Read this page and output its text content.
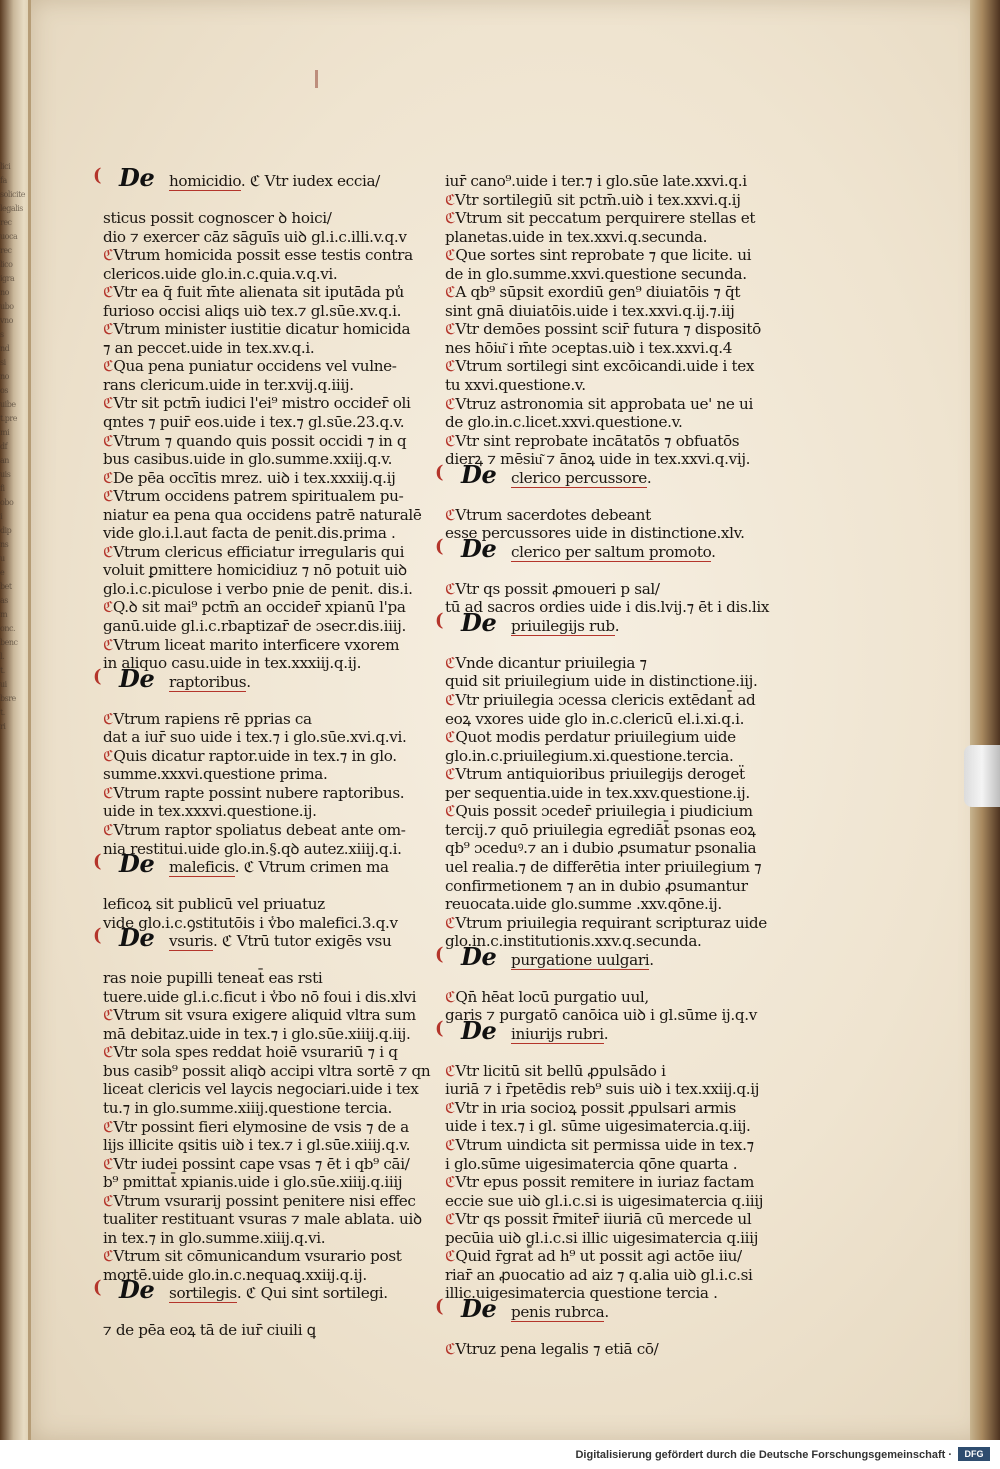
lici
fa
solicite
legalis
rec
uoca
rec
lico
igra
no
ubo
vno
s
nd
si
no
os
uibe
t.pre
mi
df
an
uis
fi
obo
i
dip
ns
u
e
bet
as
m
onc.
benc
l.
t.
ui
bsre
t.
ri
( De homicidio. ℭ Vtr iudex eccia/
sticus possit cognoscer ꝺ hoici/
dio ⁊ exercer cāz sāguīs uiꝺ gl.i.c.illi.v.q.v
ℭVtrum homicida possit esse testis contra
clericos.uide glo.in.c.quia.v.q.vi.
ℭVtr ea q̄ fuit m̄te alienata sit iputāda pu̾
furioso occisi aliqs uiꝺ tex.⁊ gl.sūe.xv.q.i.
ℭVtrum minister iustitie dicatur homicida
⁊ an peccet.uide in tex.xv.q.i.
ℭQua pena puniatur occidens vel vulne-
rans clericum.uide in ter.xvij.q.iiij.
ℭVtr sit pctm̄ iudici l'ei⁹ mistro occider̄ oli
qntes ⁊ puir̄ eos.uide i tex.⁊ gl.sūe.23.q.v.
ℭVtrum ⁊ quando quis possit occidi ⁊ in q
bus casibus.uide in glo.summe.xxiij.q.v.
ℭDe pēa occītis mrez. uiꝺ i tex.xxxiij.q.ij
ℭVtrum occidens patrem spiritualem pu-
niatur ea pena qua occidens patrē naturalē
vide glo.i.l.aut facta de penit.dis.prima .
ℭVtrum clericus efficiatur irregularis qui
voluit ꝑmittere homicidiuz ⁊ nō potuit uiꝺ
glo.i.c.piculose i verbo pnie de penit. dis.i.
ℭQ.ꝺ sit mai⁹ pctm̄ an occider̄ xpianū l'pa
ganū.uide gl.i.c.rbaptizar̄ de ɔsecr.dis.iiij.
ℭVtrum liceat marito interficere vxorem
in aliquo casu.uide in tex.xxxiij.q.ij.
( De raptoribus.
ℭVtrum rapiens rē pprias ca
dat a iur̄ suo uide i tex.⁊ i glo.sūe.xvi.q.vi.
ℭQuis dicatur raptor.uide in tex.⁊ in glo.
summe.xxxvi.questione prima.
ℭVtrum rapte possint nubere raptoribus.
uide in tex.xxxvi.questione.ij.
ℭVtrum raptor spoliatus debeat ante om-
nia restitui.uide glo.in.§.qꝺ autez.xiiij.q.i.
( De maleficis. ℭ Vtrum crimen ma
leficoꝝ sit publicū vel priuatuz
vide glo.i.c.ꝯstitutōis i v̾bo malefici.3.q.v
( De vsuris. ℭ Vtrū tutor exigēs vsu
ras noie pupilli teneat̄ eas rsti
tuere.uide gl.i.c.ficut i v̾bo nō foui i dis.xlvi
ℭVtrum sit vsura exigere aliquid vltra sum
mā debitaz.uide in tex.⁊ i glo.sūe.xiiij.q.iij.
ℭVtr sola spes reddat hoiē vsurariū ⁊ i q
bus casib⁹ possit aliqꝺ accipi vltra sortē ⁊ qn
liceat clericis vel laycis negociari.uide i tex
tu.⁊ in glo.summe.xiiij.questione tercia.
ℭVtr possint fieri elymosine de vsis ⁊ de a
lijs illicite qsitis uiꝺ i tex.⁊ i gl.sūe.xiiij.q.v.
ℭVtr iudei possint cape vsas ⁊ ēt i qb⁹ cāi/
b⁹ pmittat̄ xpianis.uide i glo.sūe.xiiij.q.iiij
ℭVtrum vsurarij possint penitere nisi effec
tualiter restituant vsuras ⁊ male ablata. uiꝺ
in tex.⁊ in glo.summe.xiiij.q.vi.
ℭVtrum sit cōmunicandum vsurario post
mortē.uide glo.in.c.nequaꝗ.xxiij.q.ij.
( De sortilegis. ℭ Qui sint sortilegi.
⁊ de pēa eoꝝ tā de iur̄ ciuili ꝗ
iur̄ cano⁹.uide i ter.⁊ i glo.sūe late.xxvi.q.i
ℭVtr sortilegiū sit pctm̄.uiꝺ i tex.xxvi.q.ij
ℭVtrum sit peccatum perquirere stellas et
planetas.uide in tex.xxvi.q.secunda.
ℭQue sortes sint reprobate ⁊ que licite. ui
de in glo.summe.xxvi.questione secunda.
ℭA qb⁹ sūpsit exordiū gen⁹ diuiatōis ⁊ q̄t
sint gnā diuiatōis.uide i tex.xxvi.q.ij.⁊.iij
ℭVtr demōes possint scir̄ futura ⁊ dispositō
nes hōiu͂ i m̄te ɔceptas.uiꝺ i tex.xxvi.q.4
ℭVtrum sortilegi sint excōicandi.uide i tex
tu xxvi.questione.v.
ℭVtruz astronomia sit approbata ue' ne ui
de glo.in.c.licet.xxvi.questione.v.
ℭVtr sint reprobate incātatōs ⁊ obfuatōs
dierꝝ ⁊ mēsiu͂ ⁊ ānoꝝ uide in tex.xxvi.q.vij.
( De clerico percussore.
ℭVtrum sacerdotes debeant
esse percussores uide in distinctione.xlv.
( De clerico per saltum promoto.
ℭVtr qs possit ꝓmoueri p sal/
tū ad sacros ordies uide i dis.lvij.⁊ ēt i dis.lix
( De priuilegijs rub.
ℭVnde dicantur priuilegia ⁊
quid sit priuilegium uide in distinctione.iij.
ℭVtr priuilegia ɔcessa clericis extēdant̄ ad
eoꝝ vxores uide glo in.c.clericū el.i.xi.q.i.
ℭQuot modis perdatur priuilegium uide
glo.in.c.priuilegium.xi.questione.tercia.
ℭVtrum antiquioribus priuilegijs derogeẗ
per sequentia.uide in tex.xxv.questione.ij.
ℭQuis possit ɔceder̄ priuilegia i piudicium
tercij.⁊ quō priuilegia egrediāt̄ psonas eoꝝ
qb⁹ ɔceduꝰ.⁊ an i dubio ꝓsumatur psonalia
uel realia.⁊ de differētia inter priuilegium ⁊
confirmetionem ⁊ an in dubio ꝓsumantur
reuocata.uide glo.summe .xxv.qōne.ij.
ℭVtrum priuilegia requirant scripturaz uide
glo.in.c.institutionis.xxv.q.secunda.
( De purgatione uulgari.
ℭQn̄ hēat locū purgatio uul,
garis ⁊ purgatō canōica uiꝺ i gl.sūme ij.q.v
( De iniurijs rubri.
ℭVtr licitū sit bellū ꝓpulsādo i
iuriā ⁊ i r̄petēdis reb⁹ suis uiꝺ i tex.xxiij.q.ij
ℭVtr in ıria socioꝝ possit ꝓpulsari armis
uide i tex.⁊ i gl. sūme uigesimatercia.q.iij.
ℭVtrum uindicta sit permissa uide in tex.⁊
i glo.sūme uigesimatercia qōne quarta .
ℭVtr epus possit remitere in iuriaz factam
eccie sue uiꝺ gl.i.c.si is uigesimatercia q.iiij
ℭVtr qs possit r̄miter̄ iiuriā cū mercede ul
pecūia uiꝺ gl.i.c.si illic uigesimatercia q.iiij
ℭQuid r̄grat̄ ad h⁹ ut possit agi actōe iiu/
riar̄ an ꝓuocatio ad aiz ⁊ q.alia uiꝺ gl.i.c.si
illic.uigesimatercia questione tercia .
( De penis rubrca.
ℭVtruz pena legalis ⁊ etiā cō/
Digitalisierung gefördert durch die Deutsche Forschungsgemeinschaft ·	DFG
